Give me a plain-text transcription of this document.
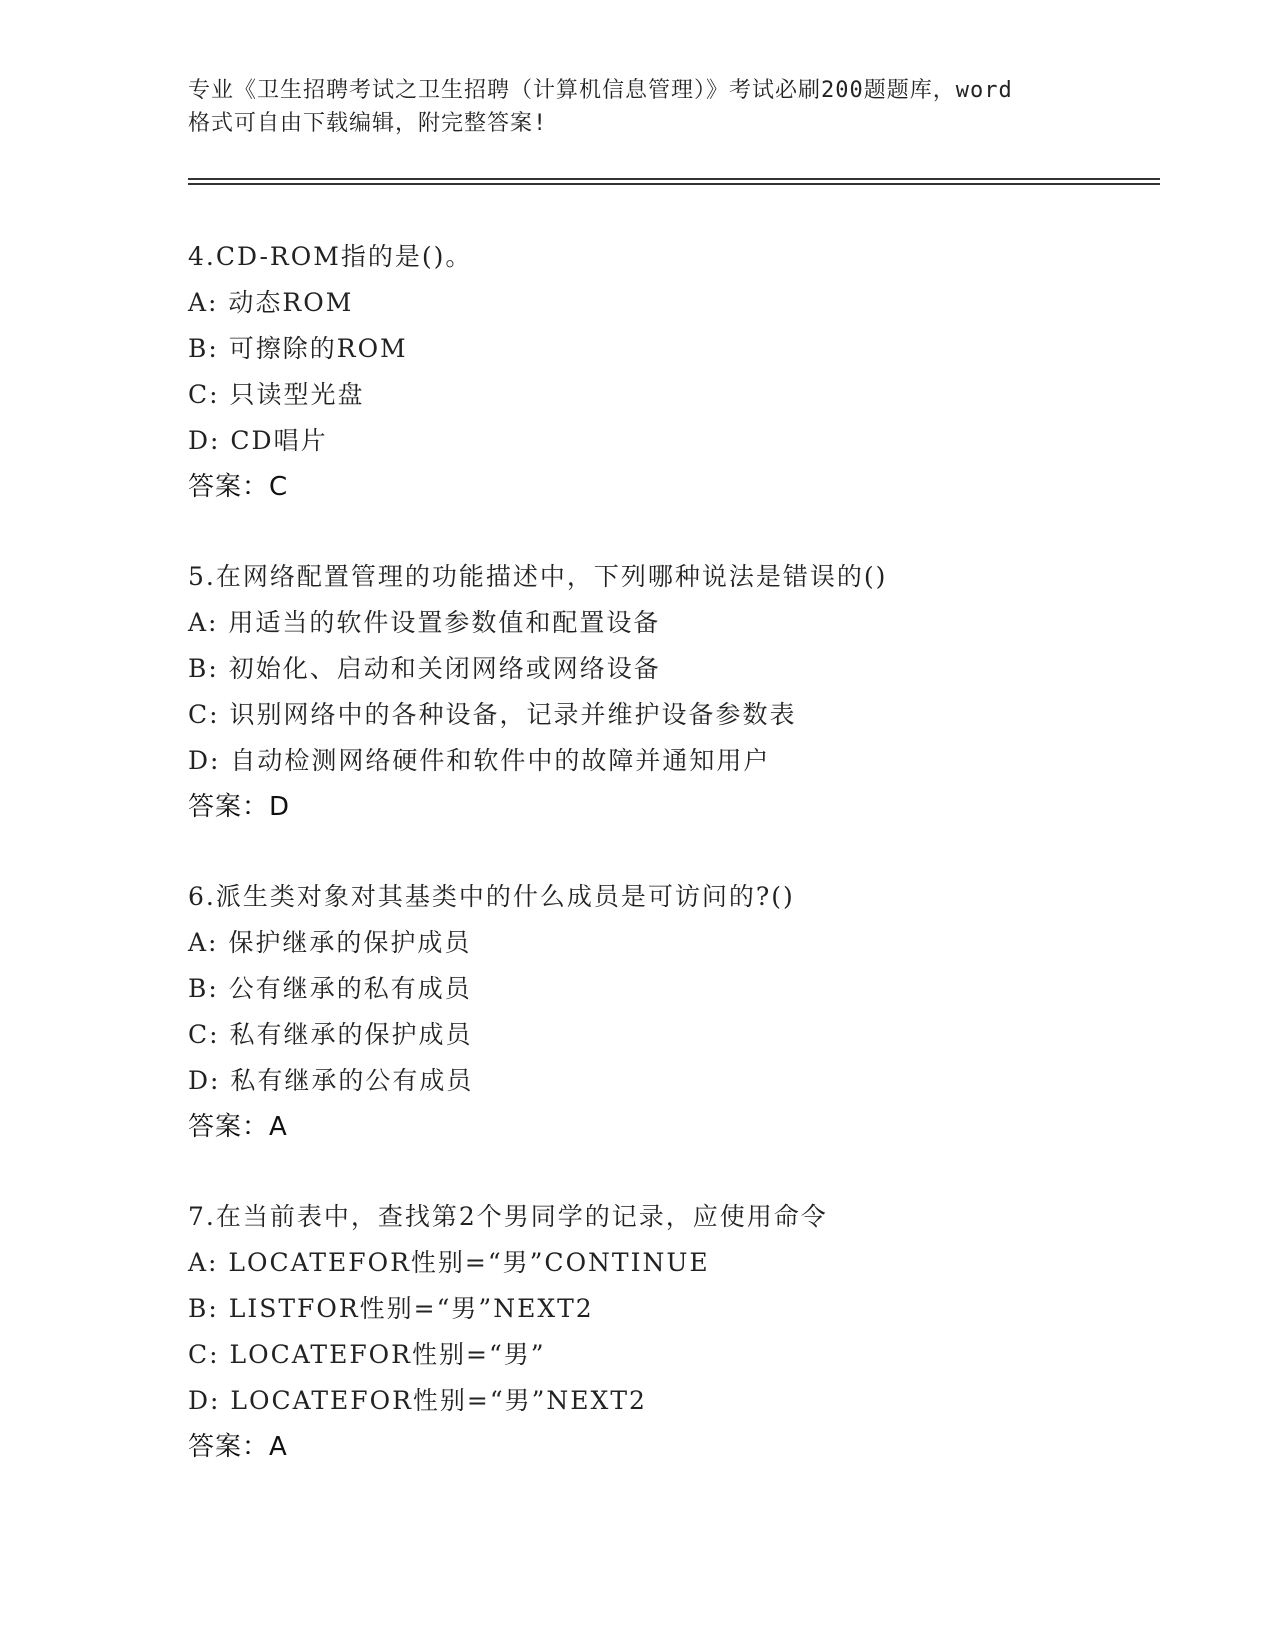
专业《卫生招聘考试之卫生招聘（计算机信息管理）》考试必刷200题题库，word
格式可自由下载编辑，附完整答案!
4.CD-ROM指的是()。
A: 动态ROM
B: 可擦除的ROM
C: 只读型光盘
D: CD唱片
答案：C
5.在网络配置管理的功能描述中，下列哪种说法是错误的()
A: 用适当的软件设置参数值和配置设备
B: 初始化、启动和关闭网络或网络设备
C: 识别网络中的各种设备，记录并维护设备参数表
D: 自动检测网络硬件和软件中的故障并通知用户
答案：D
6.派生类对象对其基类中的什么成员是可访问的?()
A: 保护继承的保护成员
B: 公有继承的私有成员
C: 私有继承的保护成员
D: 私有继承的公有成员
答案：A
7.在当前表中，查找第2个男同学的记录，应使用命令
A: LOCATEFOR性别=“男”CONTINUE
B: LISTFOR性别=“男”NEXT2
C: LOCATEFOR性别=“男”
D: LOCATEFOR性别=“男”NEXT2
答案：A
